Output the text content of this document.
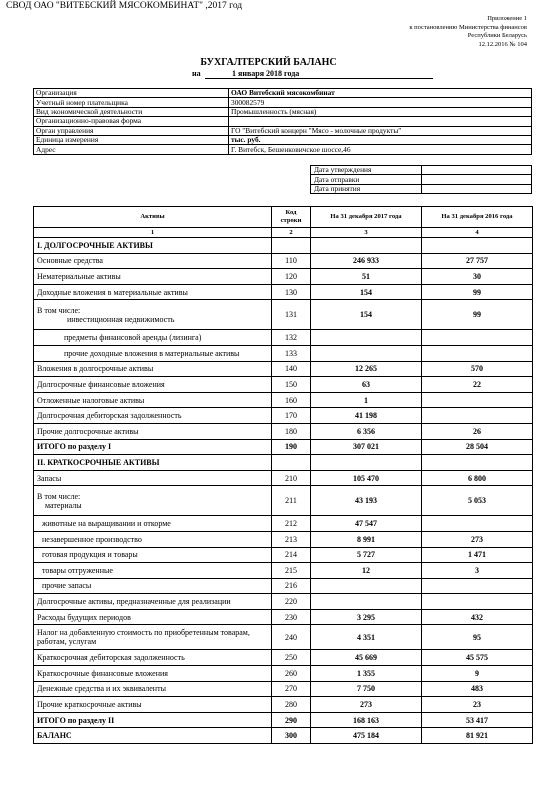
СВОД ОАО "ВИТЕБСКИЙ МЯСОКОМБИНАТ" ,2017 год
Приложение 1
к постановлению Министерства финансов
Республики Беларусь
12.12.2016 № 104
БУХГАЛТЕРСКИЙ БАЛАНС
на	1 января 2018 года
Организация	ОАО Витебский мясокомбинат
Учетный номер плательщика	300082579
Вид экономической деятельности	Промышленность (мясная)
Организационно-правовая форма	
Орган управления	ГО "Витебский концерн "Мясо - молочные продукты"
Единица измерения	тыс. руб.
Адрес	Г. Витебск, Бешенковичское шоссе,46
Дата утверждения	
Дата отправки	
Дата принятия	
Активы	Код строки	На 31 декабря 2017 года	На 31 декабря 2016 года
1	2	3	4
I. ДОЛГОСРОЧНЫЕ АКТИВЫ			
Основные средства	110	246 933	27 757
Нематериальные активы	120	51	30
Доходные вложения в материальные активы	130	154	99

В том числе:
инвестиционная недвижимость	131	154	99
предметы финансовой аренды (лизинга)	132		
прочие доходные вложения в материальные активы	133		
Вложения в долгосрочные активы	140	12 265	570
Долгосрочные финансовые вложения	150	63	22
Отложенные налоговые активы	160	1	
Долгосрочная дебиторская задолженность	170	41 198	
Прочие долгосрочные активы	180	6 356	26
ИТОГО по разделу I	190	307 021	28 504
II. КРАТКОСРОЧНЫЕ АКТИВЫ			
Запасы	210	105 470	6 800

В том числе:
материалы	211	43 193	5 053
животные на выращивании и откорме	212	47 547	
незавершенное производство	213	8 991	273
готовая продукция и товары	214	5 727	1 471
товары отгруженные	215	12	3
прочие запасы	216		
Долгосрочные активы, предназначенные для реализации	220		
Расходы будущих периодов	230	3 295	432
Налог на добавленную стоимость по приобретенным товарам, работам, услугам	240	4 351	95
Краткосрочная дебиторская задолженность	250	45 669	45 575
Краткосрочные финансовые вложения	260	1 355	9
Денежные средства и их эквиваленты	270	7 750	483
Прочие краткосрочные активы	280	273	23
ИТОГО по разделу II	290	168 163	53 417
БАЛАНС	300	475 184	81 921
